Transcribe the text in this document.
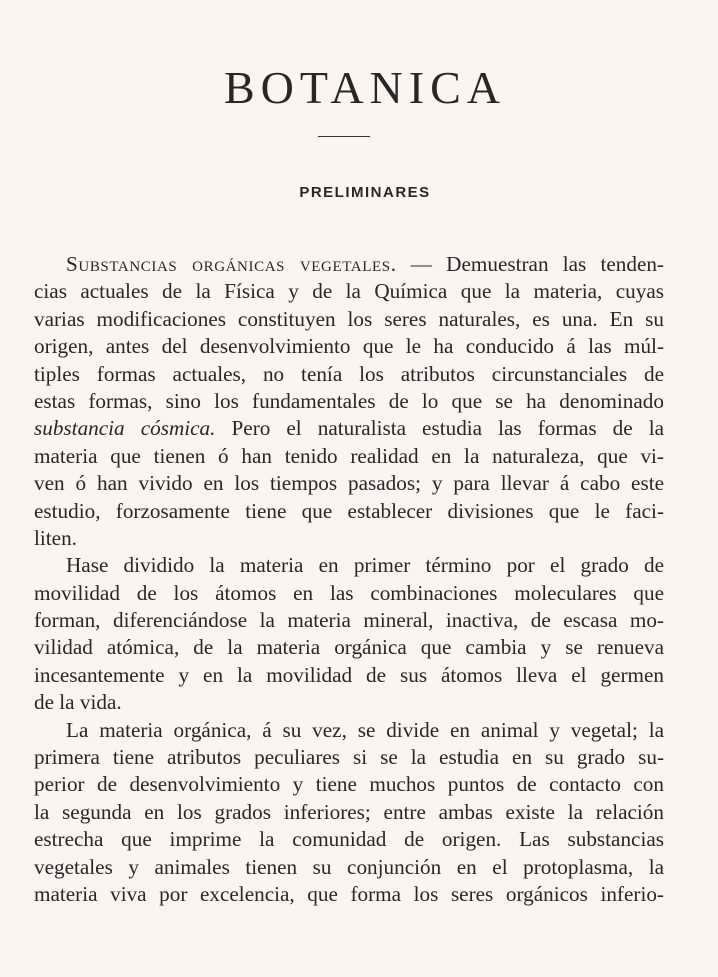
BOTANICA
PRELIMINARES
Substancias orgánicas vegetales. — Demuestran las tenden-
cias actuales de la Física y de la Química que la materia, cuyas
varias modificaciones constituyen los seres naturales, es una. En su
origen, antes del desenvolvimiento que le ha conducido á las múl-
tiples formas actuales, no tenía los atributos circunstanciales de
estas formas, sino los fundamentales de lo que se ha denominado
substancia cósmica. Pero el naturalista estudia las formas de la
materia que tienen ó han tenido realidad en la naturaleza, que vi-
ven ó han vivido en los tiempos pasados; y para llevar á cabo este
estudio, forzosamente tiene que establecer divisiones que le faci-
liten.
Hase dividido la materia en primer término por el grado de
movilidad de los átomos en las combinaciones moleculares que
forman, diferenciándose la materia mineral, inactiva, de escasa mo-
vilidad atómica, de la materia orgánica que cambia y se renueva
incesantemente y en la movilidad de sus átomos lleva el germen
de la vida.
La materia orgánica, á su vez, se divide en animal y vegetal; la
primera tiene atributos peculiares si se la estudia en su grado su-
perior de desenvolvimiento y tiene muchos puntos de contacto con
la segunda en los grados inferiores; entre ambas existe la relación
estrecha que imprime la comunidad de origen. Las substancias
vegetales y animales tienen su conjunción en el protoplasma, la
materia viva por excelencia, que forma los seres orgánicos inferio-
